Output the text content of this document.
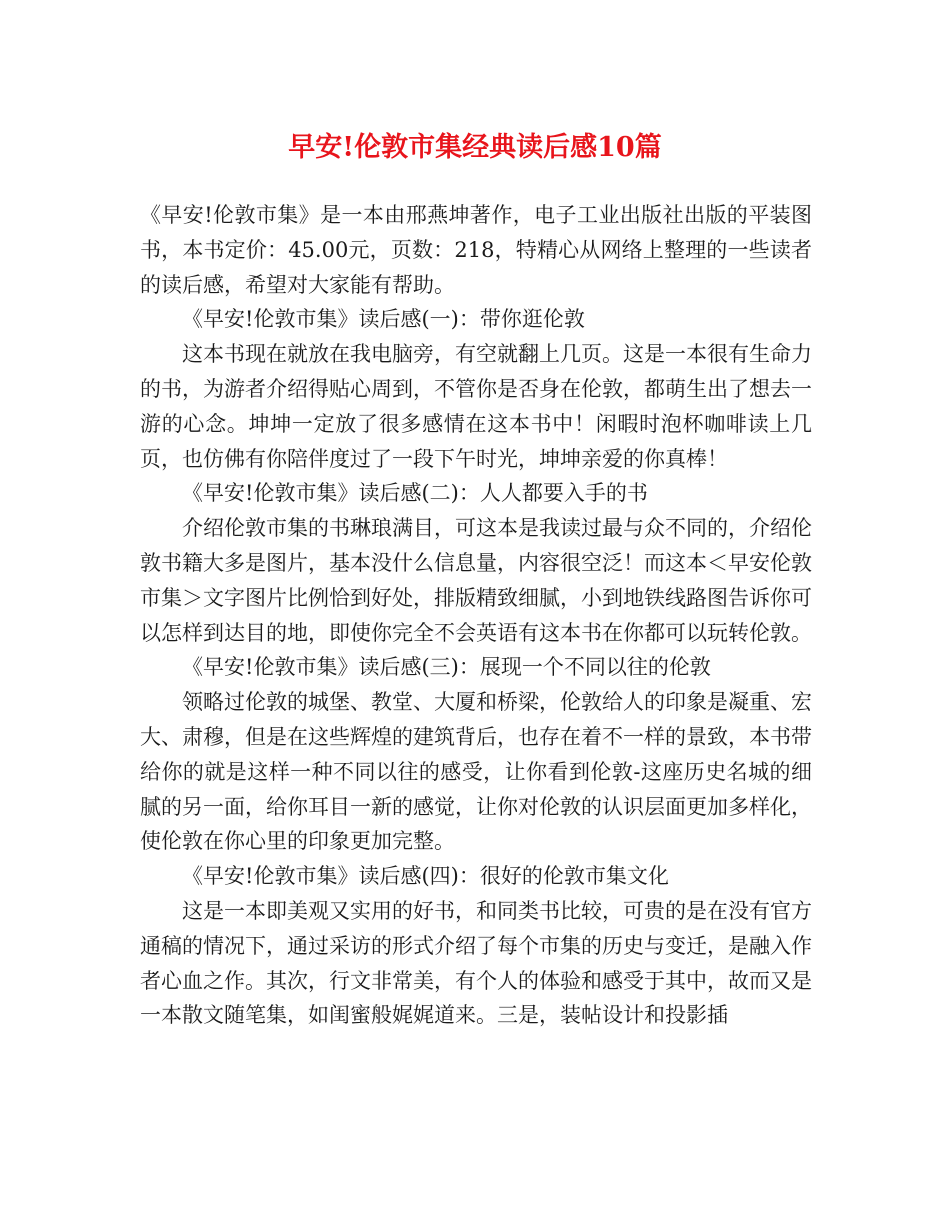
早安!伦敦市集经典读后感10篇

《早安!伦敦市集》是一本由邢燕坤著作，电子工业出版社出版的平装图书，本书定价：45.00元，页数：218，特精心从网络上整理的一些读者的读后感，希望对大家能有帮助。

《早安!伦敦市集》读后感(一)：带你逛伦敦

这本书现在就放在我电脑旁，有空就翻上几页。这是一本很有生命力的书，为游者介绍得贴心周到，不管你是否身在伦敦，都萌生出了想去一游的心念。坤坤一定放了很多感情在这本书中！闲暇时泡杯咖啡读上几页，也仿佛有你陪伴度过了一段下午时光，坤坤亲爱的你真棒！

《早安!伦敦市集》读后感(二)：人人都要入手的书

介绍伦敦市集的书琳琅满目，可这本是我读过最与众不同的，介绍伦敦书籍大多是图片，基本没什么信息量，内容很空泛！而这本＜早安伦敦市集＞文字图片比例恰到好处，排版精致细腻，小到地铁线路图告诉你可以怎样到达目的地，即使你完全不会英语有这本书在你都可以玩转伦敦。

《早安!伦敦市集》读后感(三)：展现一个不同以往的伦敦

领略过伦敦的城堡、教堂、大厦和桥梁，伦敦给人的印象是凝重、宏大、肃穆，但是在这些辉煌的建筑背后，也存在着不一样的景致，本书带给你的就是这样一种不同以往的感受，让你看到伦敦-这座历史名城的细腻的另一面，给你耳目一新的感觉，让你对伦敦的认识层面更加多样化，使伦敦在你心里的印象更加完整。

《早安!伦敦市集》读后感(四)：很好的伦敦市集文化

这是一本即美观又实用的好书，和同类书比较，可贵的是在没有官方通稿的情况下，通过采访的形式介绍了每个市集的历史与变迁，是融入作者心血之作。其次，行文非常美，有个人的体验和感受于其中，故而又是一本散文随笔集，如闺蜜般娓娓道来。三是，装帖设计和投影插
